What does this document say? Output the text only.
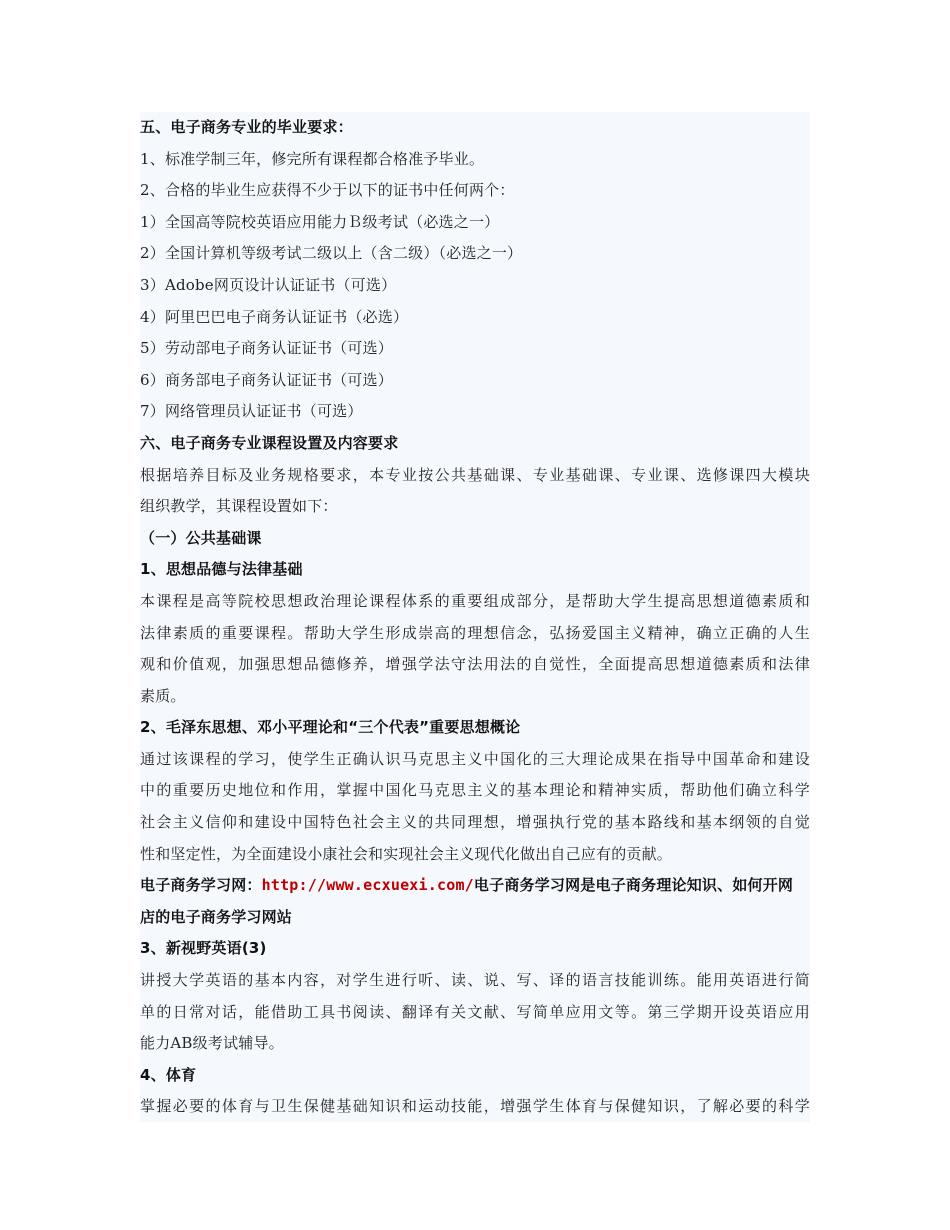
五、电子商务专业的毕业要求：
1、标准学制三年，修完所有课程都合格准予毕业。
2、合格的毕业生应获得不少于以下的证书中任何两个：
1）全国高等院校英语应用能力Ｂ级考试（必选之一）
2）全国计算机等级考试二级以上（含二级）（必选之一）
3）Adobe网页设计认证证书（可选）
4）阿里巴巴电子商务认证证书（必选）
5）劳动部电子商务认证证书（可选）
6）商务部电子商务认证证书（可选）
7）网络管理员认证证书（可选）
六、电子商务专业课程设置及内容要求
根据培养目标及业务规格要求，本专业按公共基础课、专业基础课、专业课、选修课四大模块
组织教学，其课程设置如下：
（一）公共基础课
1、思想品德与法律基础
本课程是高等院校思想政治理论课程体系的重要组成部分，是帮助大学生提高思想道德素质和
法律素质的重要课程。帮助大学生形成崇高的理想信念，弘扬爱国主义精神，确立正确的人生
观和价值观，加强思想品德修养，增强学法守法用法的自觉性，全面提高思想道德素质和法律
素质。
2、毛泽东思想、邓小平理论和“三个代表”重要思想概论
通过该课程的学习，使学生正确认识马克思主义中国化的三大理论成果在指导中国革命和建设
中的重要历史地位和作用，掌握中国化马克思主义的基本理论和精神实质，帮助他们确立科学
社会主义信仰和建设中国特色社会主义的共同理想，增强执行党的基本路线和基本纲领的自觉
性和坚定性，为全面建设小康社会和实现社会主义现代化做出自己应有的贡献。
电子商务学习网：http://www.ecxuexi.com/电子商务学习网是电子商务理论知识、如何开网
店的电子商务学习网站
3、新视野英语(3)
讲授大学英语的基本内容，对学生进行听、读、说、写、译的语言技能训练。能用英语进行简
单的日常对话，能借助工具书阅读、翻译有关文献、写简单应用文等。第三学期开设英语应用
能力AB级考试辅导。
4、体育
掌握必要的体育与卫生保健基础知识和运动技能，增强学生体育与保健知识，了解必要的科学
